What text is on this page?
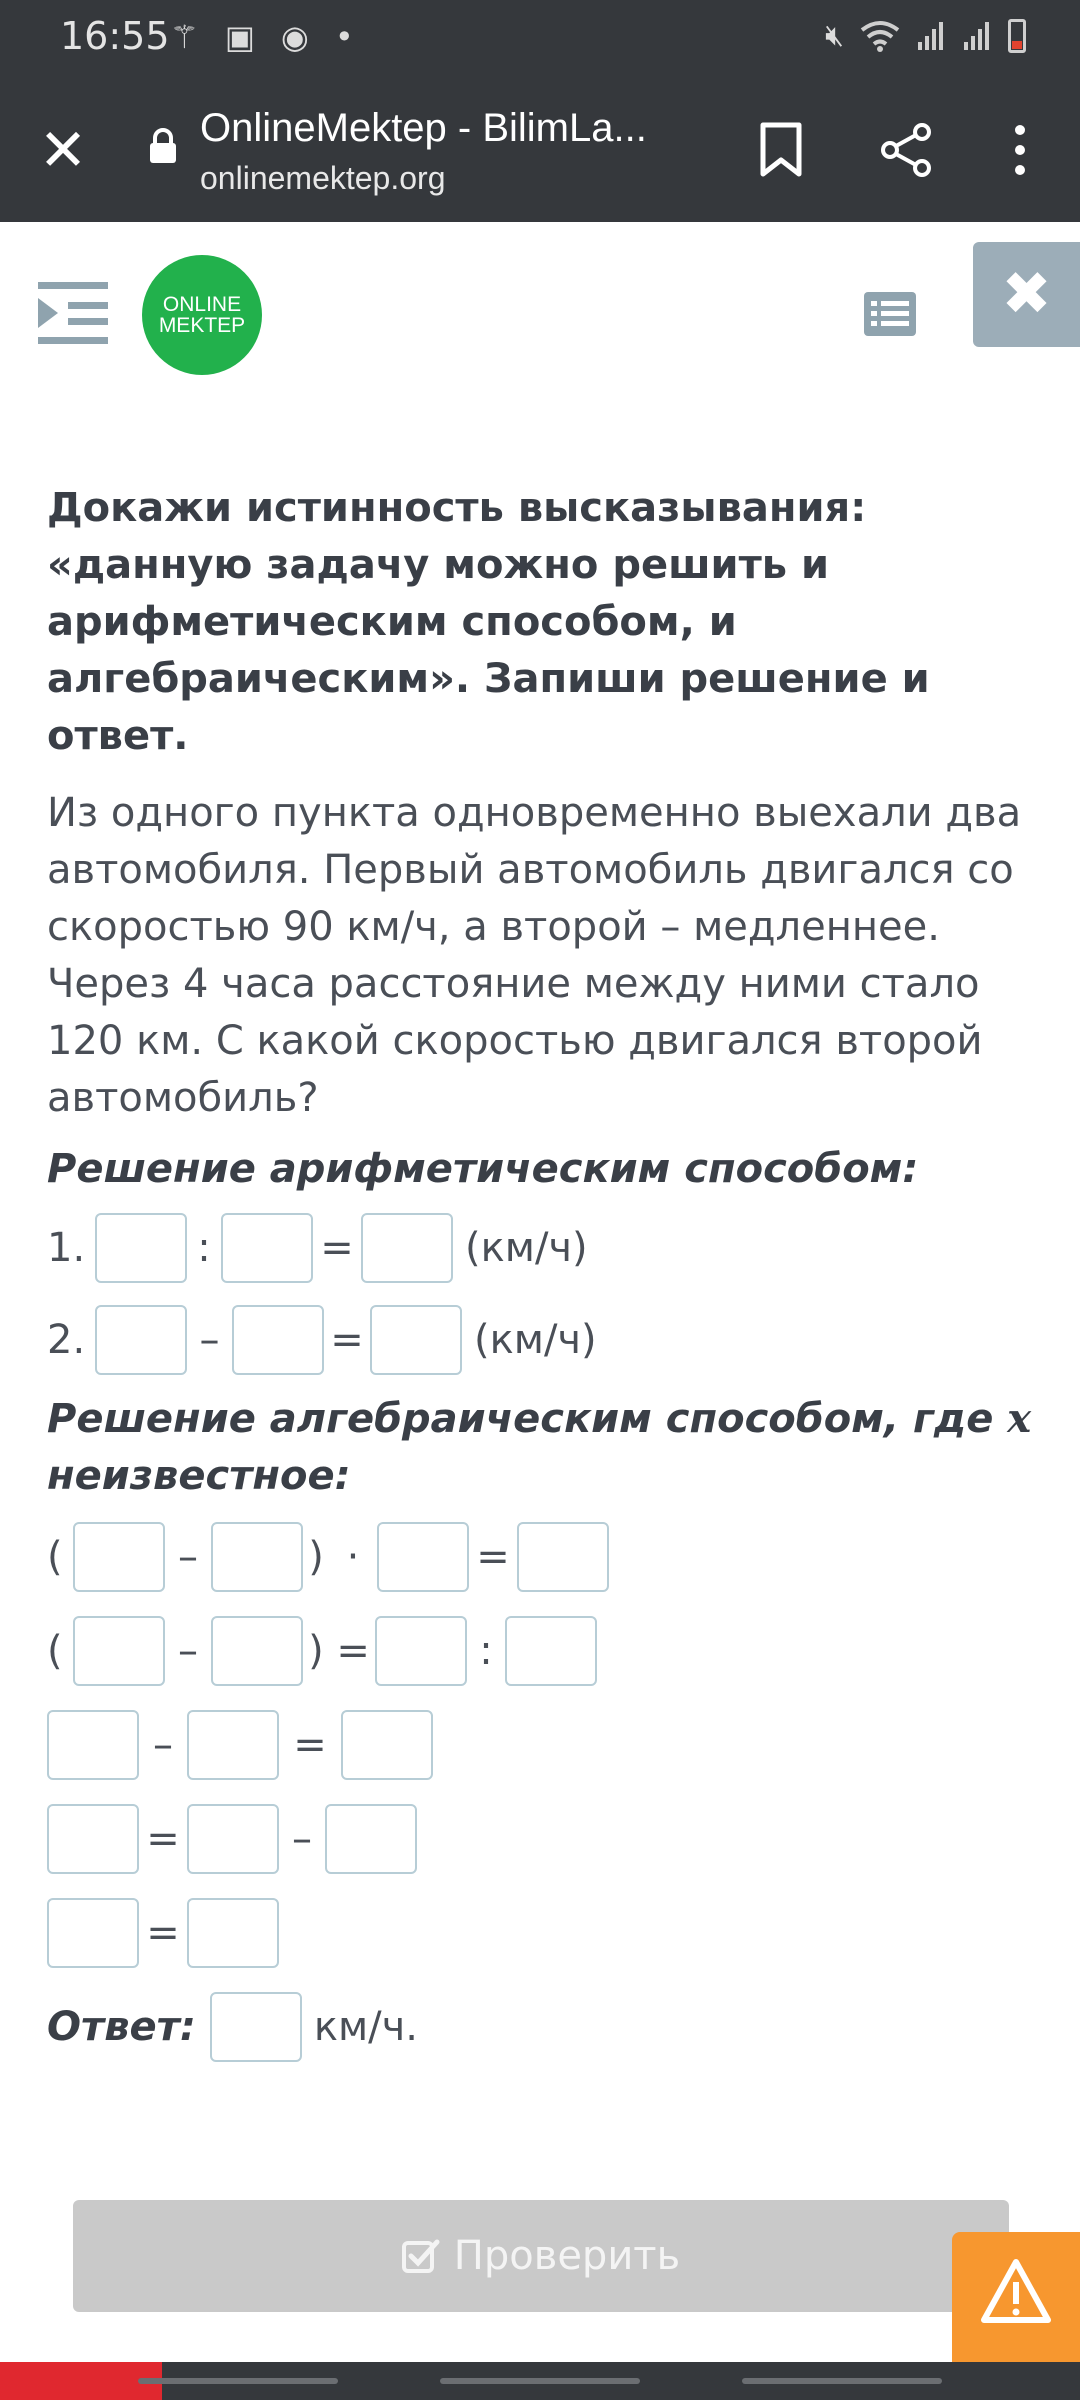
16:55 ⚚ ▣ ◉ •	🔇︎
✕	OnlineMektep - BilimLa...
onlinemektep.org
ONLINE
MEKTEP	✖

Докажи истинность высказывания: «данную задачу можно решить и арифметическим способом, и алгебраическим». Запиши решение и ответ.

Из одного пункта одновременно выехали два автомобиля. Первый автомобиль двигался со скоростью 90 км/ч, а второй – медленнее. Через 4 часа расстояние между ними стало 120 км. С какой скоростью двигался второй автомобиль?

Решение арифметическим способом:
1.	:	=	(км/ч)
2.	–	=	(км/ч)
Решение алгебраическим способом, где x
неизвестное:
(	–	) ·	=
(	–	) =	:
–	=
=	–
=
Ответ:	км/ч.
Проверить
